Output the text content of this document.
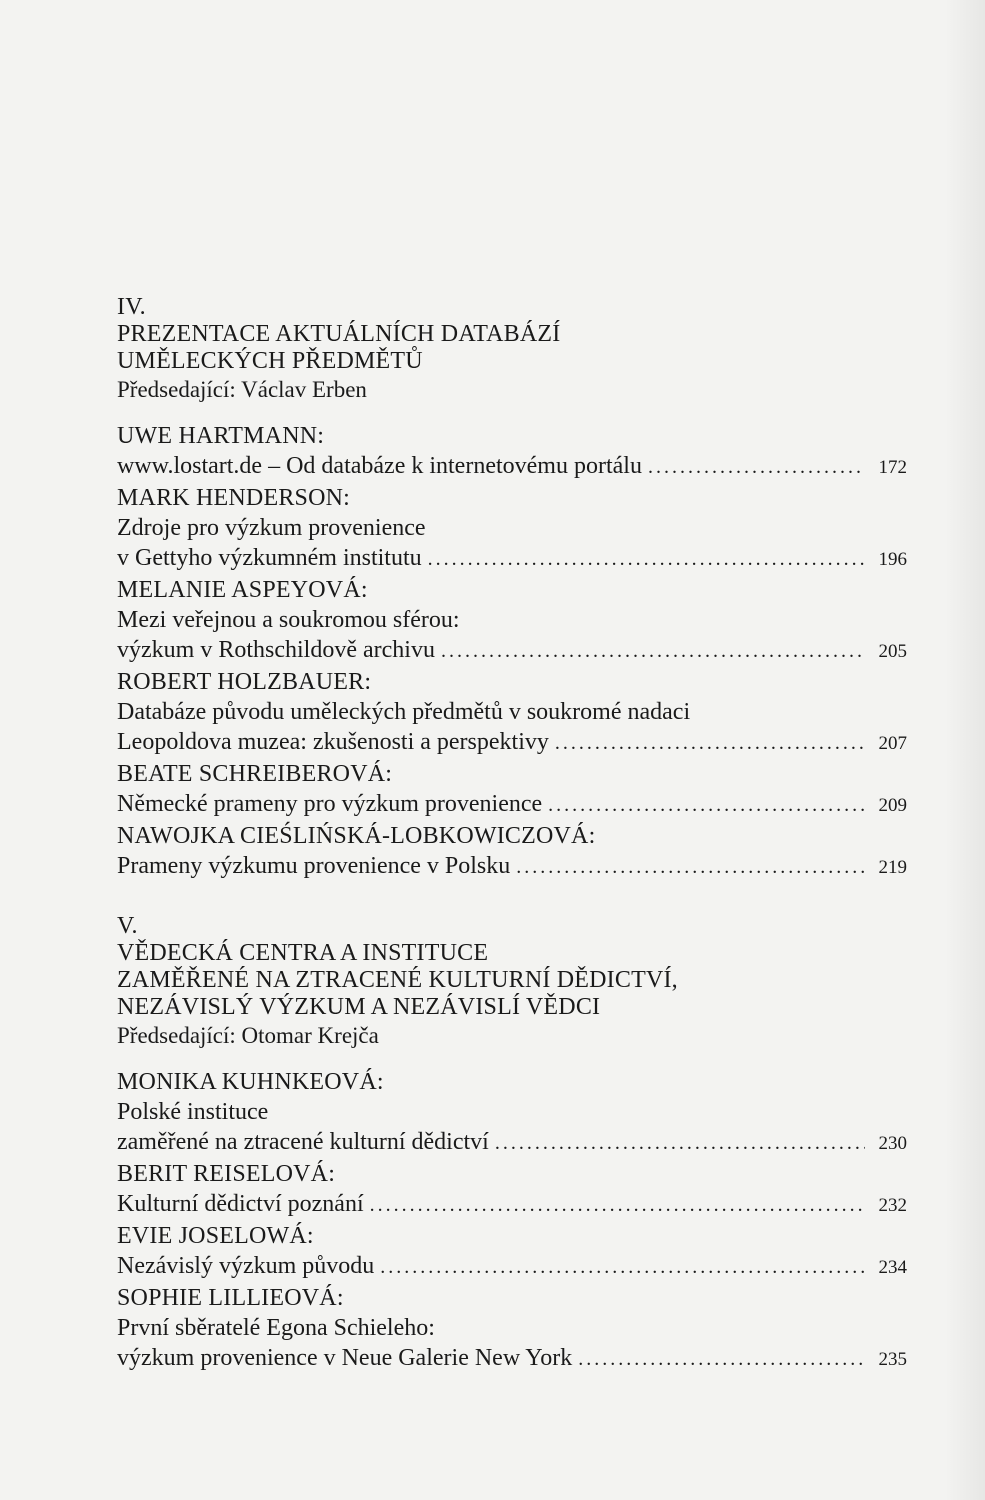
IV.
PREZENTACE AKTUÁLNÍCH DATABÁZÍ
UMĚLECKÝCH PŘEDMĚTŮ
Předsedající: Václav Erben
UWE HARTMANN:
www.lostart.de – Od databáze k internetovému portálu . . .	172
MARK HENDERSON:
Zdroje pro výzkum provenience
v Gettyho výzkumném institutu . . .	196
MELANIE ASPEYOVÁ:
Mezi veřejnou a soukromou sférou:
výzkum v Rothschildově archivu . . .	205
ROBERT HOLZBAUER:
Databáze původu uměleckých předmětů v soukromé nadaci
Leopoldova muzea: zkušenosti a perspektivy . . .	207
BEATE SCHREIBEROVÁ:
Německé prameny pro výzkum provenience . . .	209
NAWOJKA CIEŚLIŃSKÁ-LOBKOWICZOVÁ:
Prameny výzkumu provenience v Polsku . . .	219
V.
VĚDECKÁ CENTRA A INSTITUCE
ZAMĚŘENÉ NA ZTRACENÉ KULTURNÍ DĚDICTVÍ,
NEZÁVISLÝ VÝZKUM A NEZÁVISLÍ VĚDCI
Předsedající: Otomar Krejča
MONIKA KUHNKEOVÁ:
Polské instituce
zaměřené na ztracené kulturní dědictví . . .	230
BERIT REISELOVÁ:
Kulturní dědictví poznání . . .	232
EVIE JOSELOWÁ:
Nezávislý výzkum původu . . .	234
SOPHIE LILLIEOVÁ:
První sběratelé Egona Schieleho:
výzkum provenience v Neue Galerie New York . . .	235
